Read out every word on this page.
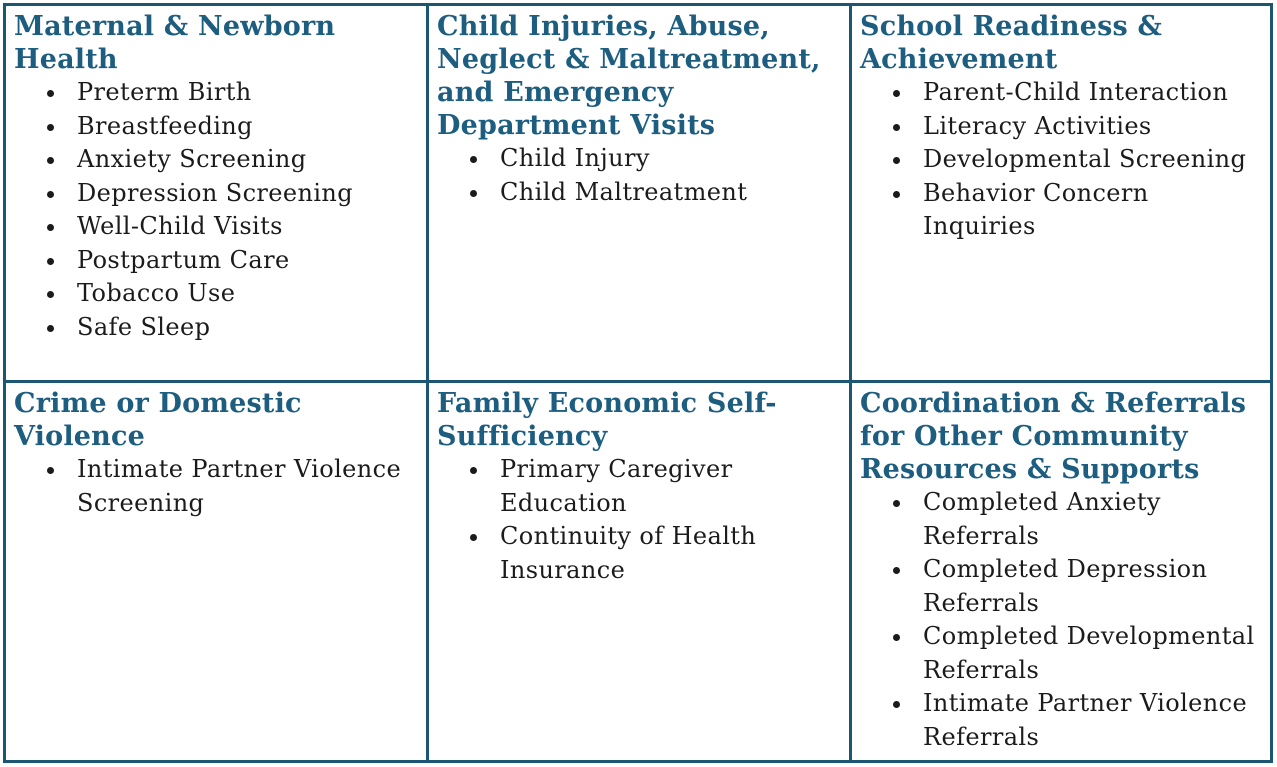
Maternal & Newborn Health
Preterm Birth
Breastfeeding
Anxiety Screening
Depression Screening
Well-Child Visits
Postpartum Care
Tobacco Use
Safe Sleep
Child Injuries, Abuse, Neglect & Maltreatment, and Emergency Department Visits
Child Injury
Child Maltreatment
School Readiness & Achievement
Parent-Child Interaction
Literacy Activities
Developmental Screening
Behavior Concern Inquiries
Crime or Domestic Violence
Intimate Partner Violence Screening
Family Economic Self-Sufficiency
Primary Caregiver Education
Continuity of Health Insurance
Coordination & Referrals for Other Community Resources & Supports
Completed Anxiety Referrals
Completed Depression Referrals
Completed Developmental Referrals
Intimate Partner Violence Referrals
